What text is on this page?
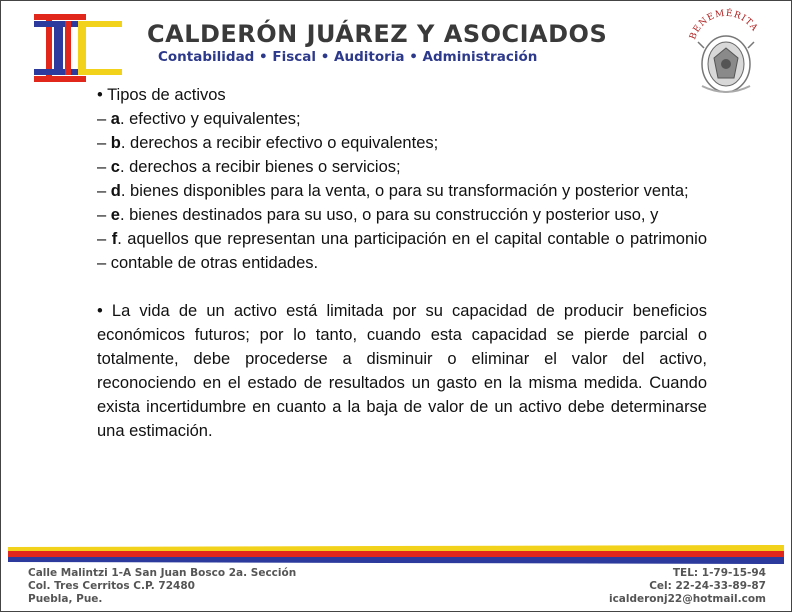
CALDERÓN JUÁREZ Y ASOCIADOS
Contabilidad • Fiscal • Auditoria • Administración
BENEMÉRITA

• Tipos de activos

– a. efectivo y equivalentes;

– b. derechos a recibir efectivo o equivalentes;

– c. derechos a recibir bienes o servicios;

– d. bienes disponibles para la venta, o para su transformación y posterior venta;

– e. bienes destinados para su uso, o para su construcción y posterior uso, y

– f. aquellos que representan una participación en el capital contable o patrimonio – contable de otras entidades.

• La vida de un activo está limitada por su capacidad de producir beneficios económicos futuros; por lo tanto, cuando esta capacidad se pierde parcial o totalmente, debe procederse a disminuir o eliminar el valor del activo, reconociendo en el estado de resultados un gasto en la misma medida. Cuando exista incertidumbre en cuanto a la baja de valor de un activo debe determinarse una estimación.

Calle Malintzi 1-A San Juan Bosco 2a. Sección
Col. Tres Cerritos C.P. 72480
Puebla, Pue.
TEL: 1-79-15-94
Cel: 22-24-33-89-87
icalderonj22@hotmail.com
